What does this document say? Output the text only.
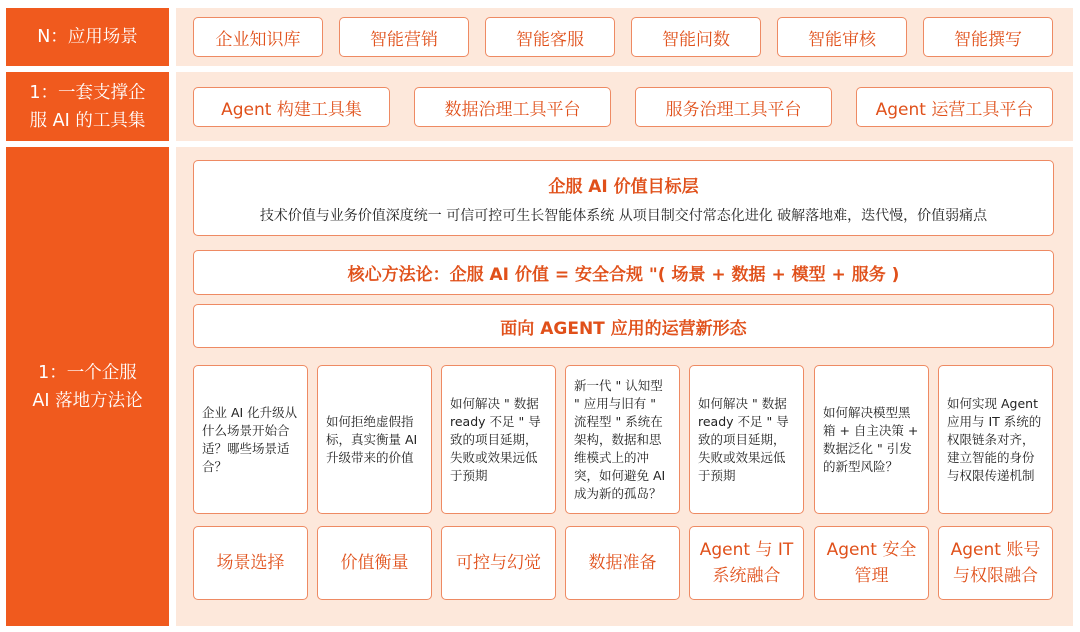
N：应用场景
1：一套支撑企服 AI 的工具集
1：一个企服 AI 落地方法论
企业知识库	智能营销	智能客服	智能问数	智能审核	智能撰写
Agent 构建工具集	数据治理工具平台	服务治理工具平台	Agent 运营工具平台
企服 AI 价值目标层
技术价值与业务价值深度统一 可信可控可生长智能体系统 从项目制交付常态化进化 破解落地难，迭代慢，价值弱痛点
核心方法论：企服 AI 价值 = 安全合规 "( 场景 + 数据 + 模型 + 服务 )
面向 AGENT 应用的运营新形态
企业 AI 化升级从什么场景开始合适？哪些场景适合？
如何拒绝虚假指标，真实衡量 AI 升级带来的价值
如何解决 " 数据 ready 不足 " 导致的项目延期，失败或效果远低于预期
新一代 " 认知型 " 应用与旧有 " 流程型 " 系统在架构，数据和思维模式上的冲突，如何避免 AI 成为新的孤岛？
如何解决 " 数据 ready 不足 " 导致的项目延期，失败或效果远低于预期
如何解决模型黑箱 + 自主决策 + 数据泛化 " 引发的新型风险？
如何实现 Agent 应用与 IT 系统的权限链条对齐，建立智能的身份与权限传递机制
场景选择	价值衡量	可控与幻觉	数据准备
Agent 与 IT 系统融合
Agent 安全管理
Agent 账号与权限融合
